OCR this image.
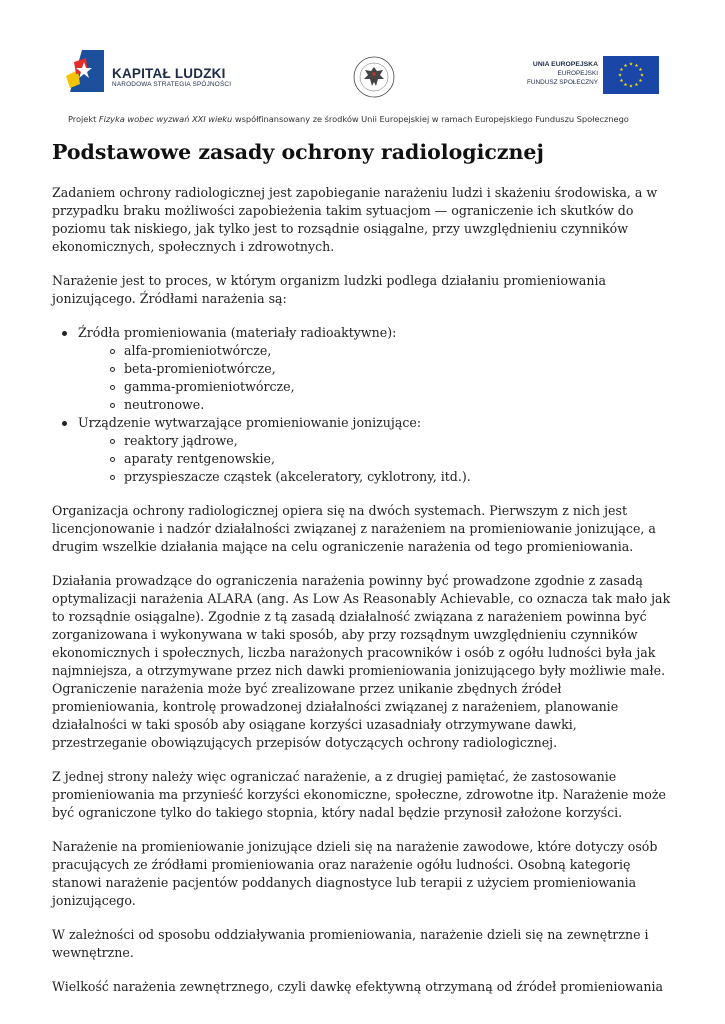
KAPITAŁ LUDZKI
NARODOWA STRATEGIA SPÓJNOŚCI
UNIA EUROPEJSKA
EUROPEJSKI
FUNDUSZ SPOŁECZNY
Projekt Fizyka wobec wyzwań XXI wieku współfinansowany ze środków Unii Europejskiej w ramach Europejskiego Funduszu Społecznego
Podstawowe zasady ochrony radiologicznej

Zadaniem ochrony radiologicznej jest zapobieganie narażeniu ludzi i skażeniu środowiska, a w przypadku braku możliwości zapobieżenia takim sytuacjom — ograniczenie ich skutków do poziomu tak niskiego, jak tylko jest to rozsądnie osiągalne, przy uwzględnieniu czynników ekonomicznych, społecznych i zdrowotnych.

Narażenie jest to proces, w którym organizm ludzki podlega działaniu promieniowania jonizującego. Źródłami narażenia są:

Źródła promieniowania (materiały radioaktywne):
alfa-promieniotwórcze,
beta-promieniotwórcze,
gamma-promieniotwórcze,
neutronowe.
Urządzenie wytwarzające promieniowanie jonizujące:
reaktory jądrowe,
aparaty rentgenowskie,
przyspieszacze cząstek (akceleratory, cyklotrony, itd.).

Organizacja ochrony radiologicznej opiera się na dwóch systemach. Pierwszym z nich jest licencjonowanie i nadzór działalności związanej z narażeniem na promieniowanie jonizujące, a drugim wszelkie działania mające na celu ograniczenie narażenia od tego promieniowania.

Działania prowadzące do ograniczenia narażenia powinny być prowadzone zgodnie z zasadą optymalizacji narażenia ALARA (ang. As Low As Reasonably Achievable, co oznacza tak mało jak to rozsądnie osiągalne). Zgodnie z tą zasadą działalność związana z narażeniem powinna być zorganizowana i wykonywana w taki sposób, aby przy rozsądnym uwzględnieniu czynników ekonomicznych i społecznych, liczba narażonych pracowników i osób z ogółu ludności była jak najmniejsza, a otrzymywane przez nich dawki promieniowania jonizującego były możliwie małe. Ograniczenie narażenia może być zrealizowane przez unikanie zbędnych źródeł promieniowania, kontrolę prowadzonej działalności związanej z narażeniem, planowanie działalności w taki sposób aby osiągane korzyści uzasadniały otrzymywane dawki, przestrzeganie obowiązujących przepisów dotyczących ochrony radiologicznej.

Z jednej strony należy więc ograniczać narażenie, a z drugiej pamiętać, że zastosowanie promieniowania ma przynieść korzyści ekonomiczne, społeczne, zdrowotne itp. Narażenie może być ograniczone tylko do takiego stopnia, który nadal będzie przynosił założone korzyści.

Narażenie na promieniowanie jonizujące dzieli się na narażenie zawodowe, które dotyczy osób pracujących ze źródłami promieniowania oraz narażenie ogółu ludności. Osobną kategorię stanowi narażenie pacjentów poddanych diagnostyce lub terapii z użyciem promieniowania jonizującego.

W zależności od sposobu oddziaływania promieniowania, narażenie dzieli się na zewnętrzne i wewnętrzne.

Wielkość narażenia zewnętrznego, czyli dawkę efektywną otrzymaną od źródeł promieniowania
